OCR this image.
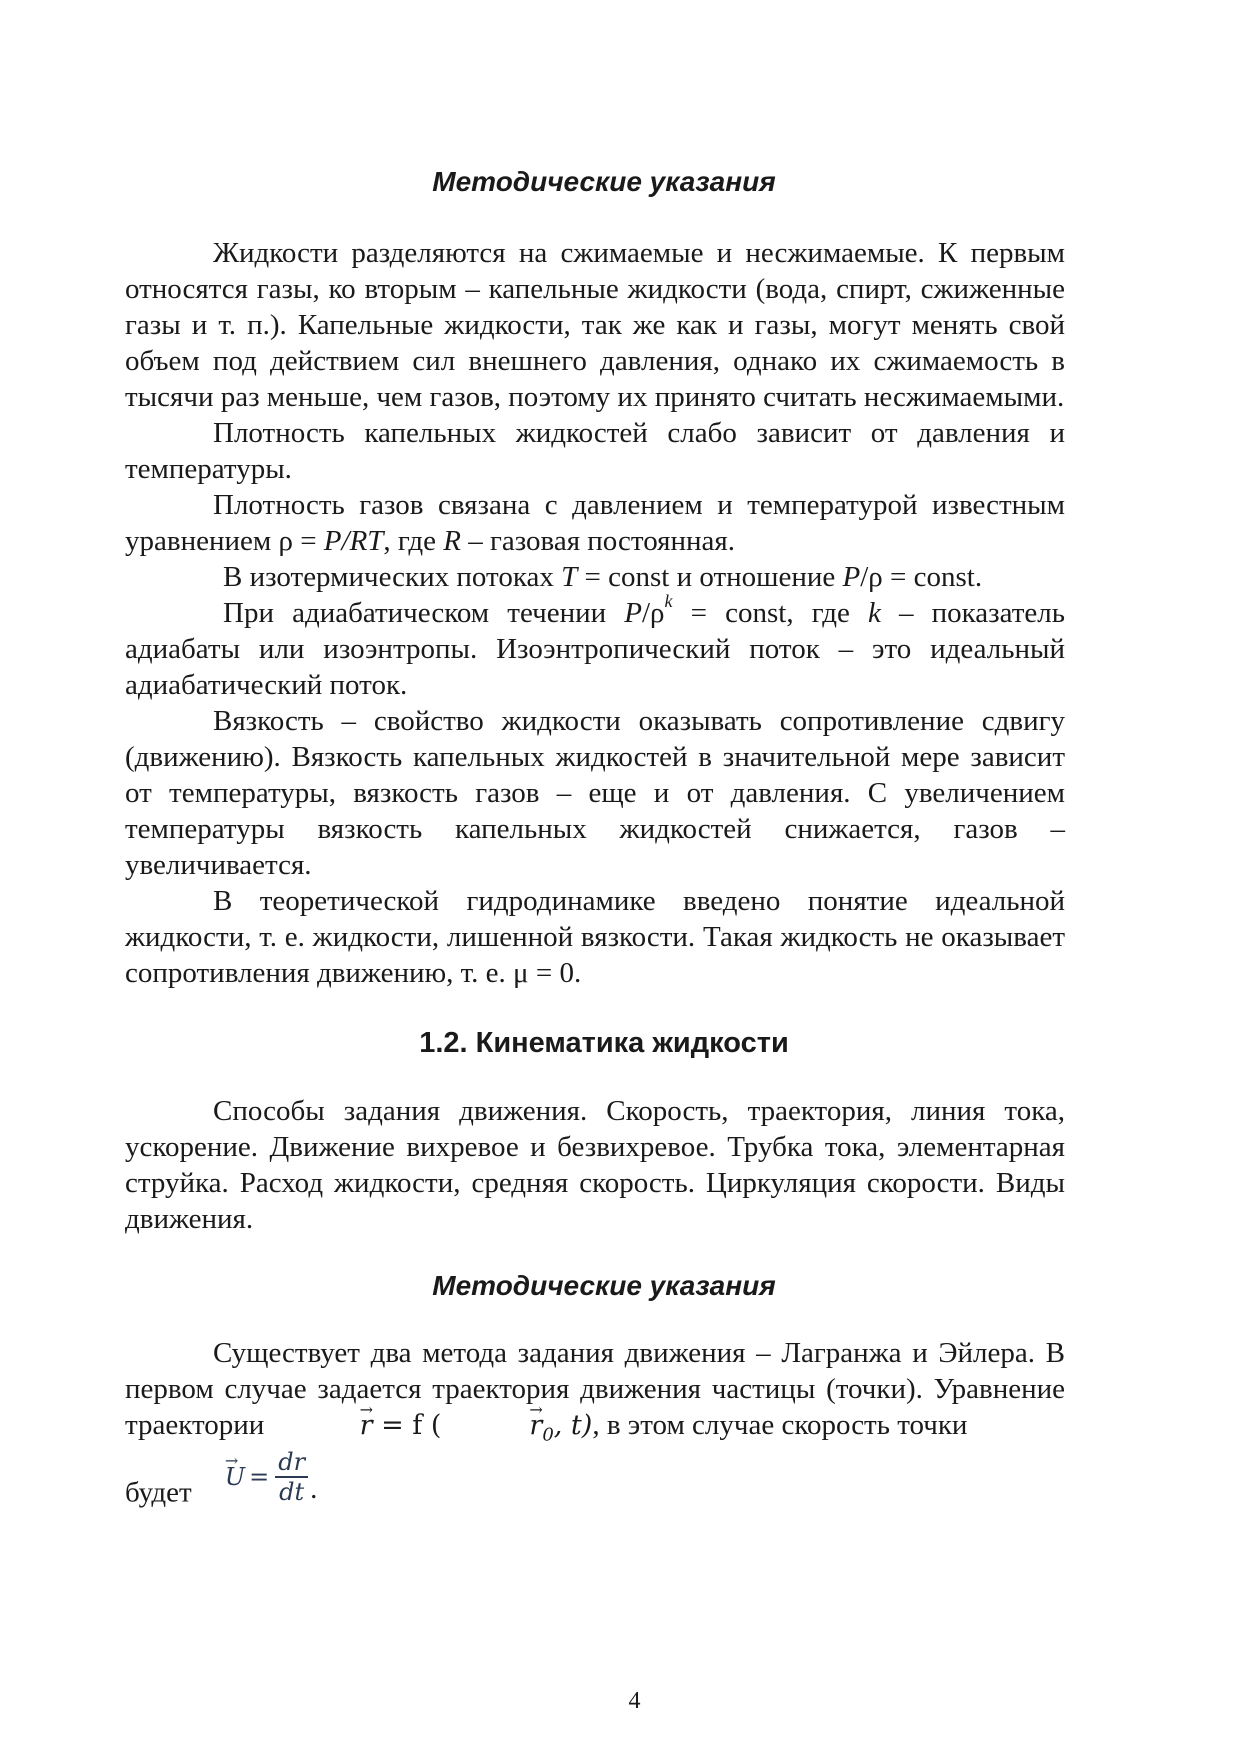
Методические указания

Жидкости разделяются на сжимаемые и несжимаемые. К первым относятся газы, ко вторым – капельные жидкости (вода, спирт, сжиженные газы и т. п.). Капельные жидкости, так же как и газы, могут менять свой объем под действием сил внешнего давления, однако их сжимаемость в тысячи раз меньше, чем газов, поэтому их принято считать несжимаемыми.

Плотность капельных жидкостей слабо зависит от давления и температуры.

Плотность газов связана с давлением и температурой известным уравнением ρ = P/RT, где R – газовая постоянная.

В изотермических потоках T = const и отношение P/ρ = const.

При адиабатическом течении $P/\rho^k$ = const, где k – показатель адиабаты или изоэнтропы. Изоэнтропический поток – это идеальный адиабатический поток.

Вязкость – свойство жидкости оказывать сопротивление сдвигу (движению). Вязкость капельных жидкостей в значительной мере зависит от температуры, вязкость газов – еще и от давления. С увеличением температуры вязкость капельных жидкостей снижается, газов – увеличивается.

В теоретической гидродинамике введено понятие идеальной жидкости, т. е. жидкости, лишенной вязкости. Такая жидкость не оказывает сопротивления движению, т. е. μ = 0.

1.2. Кинематика жидкости

Способы задания движения. Скорость, траектория, линия тока, ускорение. Движение вихревое и безвихревое. Трубка тока, элементарная струйка. Расход жидкости, средняя скорость. Циркуляция скорости. Виды движения.

Методические указания

Существует два метода задания движения – Лагранжа и Эйлера. В первом случае задается траектория движения частицы (точки). Уравнение траектории	→ r = f (	→ $r_0$, t), в этом случае скорость точки

будет → $U = \frac{dr}{dt}$ .
4
